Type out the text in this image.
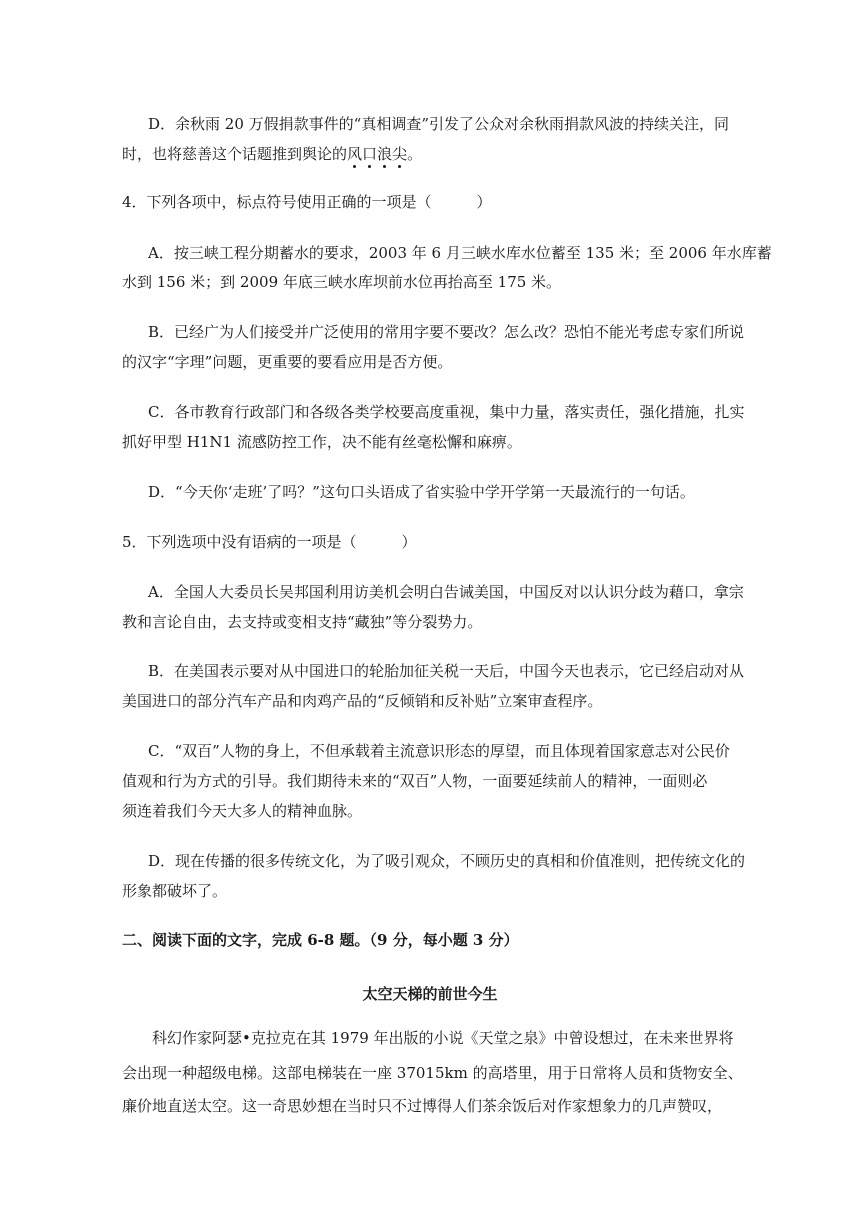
D．余秋雨 20 万假捐款事件的“真相调查”引发了公众对余秋雨捐款风波的持续关注，同
时，也将慈善这个话题推到舆论的风口浪尖。
4．下列各项中，标点符号使用正确的一项是（　　　）
A．按三峡工程分期蓄水的要求，2003 年 6 月三峡水库水位蓄至 135 米；至 2006 年水库蓄
水到 156 米；到 2009 年底三峡水库坝前水位再抬高至 175 米。
B．已经广为人们接受并广泛使用的常用字要不要改？怎么改？恐怕不能光考虑专家们所说
的汉字“字理”问题，更重要的要看应用是否方便。
C．各市教育行政部门和各级各类学校要高度重视，集中力量，落实责任，强化措施，扎实
抓好甲型 H1N1 流感防控工作，决不能有丝毫松懈和麻痹。
D．“今天你‘走班’了吗？”这句口头语成了省实验中学开学第一天最流行的一句话。
5．下列选项中没有语病的一项是（　　　）
A．全国人大委员长吴邦国利用访美机会明白告诫美国，中国反对以认识分歧为藉口，拿宗
教和言论自由，去支持或变相支持“藏独”等分裂势力。
B．在美国表示要对从中国进口的轮胎加征关税一天后，中国今天也表示，它已经启动对从
美国进口的部分汽车产品和肉鸡产品的“反倾销和反补贴”立案审查程序。
C．“双百”人物的身上，不但承载着主流意识形态的厚望，而且体现着国家意志对公民价
值观和行为方式的引导。我们期待未来的“双百”人物，一面要延续前人的精神，一面则必
须连着我们今天大多人的精神血脉。
D．现在传播的很多传统文化，为了吸引观众，不顾历史的真相和价值准则，把传统文化的
形象都破坏了。
二、阅读下面的文字，完成 6-8 题。（9 分，每小题 3 分）
太空天梯的前世今生
科幻作家阿瑟•克拉克在其 1979 年出版的小说《天堂之泉》中曾设想过，在未来世界将
会出现一种超级电梯。这部电梯装在一座 37015km 的高塔里，用于日常将人员和货物安全、
廉价地直送太空。这一奇思妙想在当时只不过博得人们茶余饭后对作家想象力的几声赞叹，
